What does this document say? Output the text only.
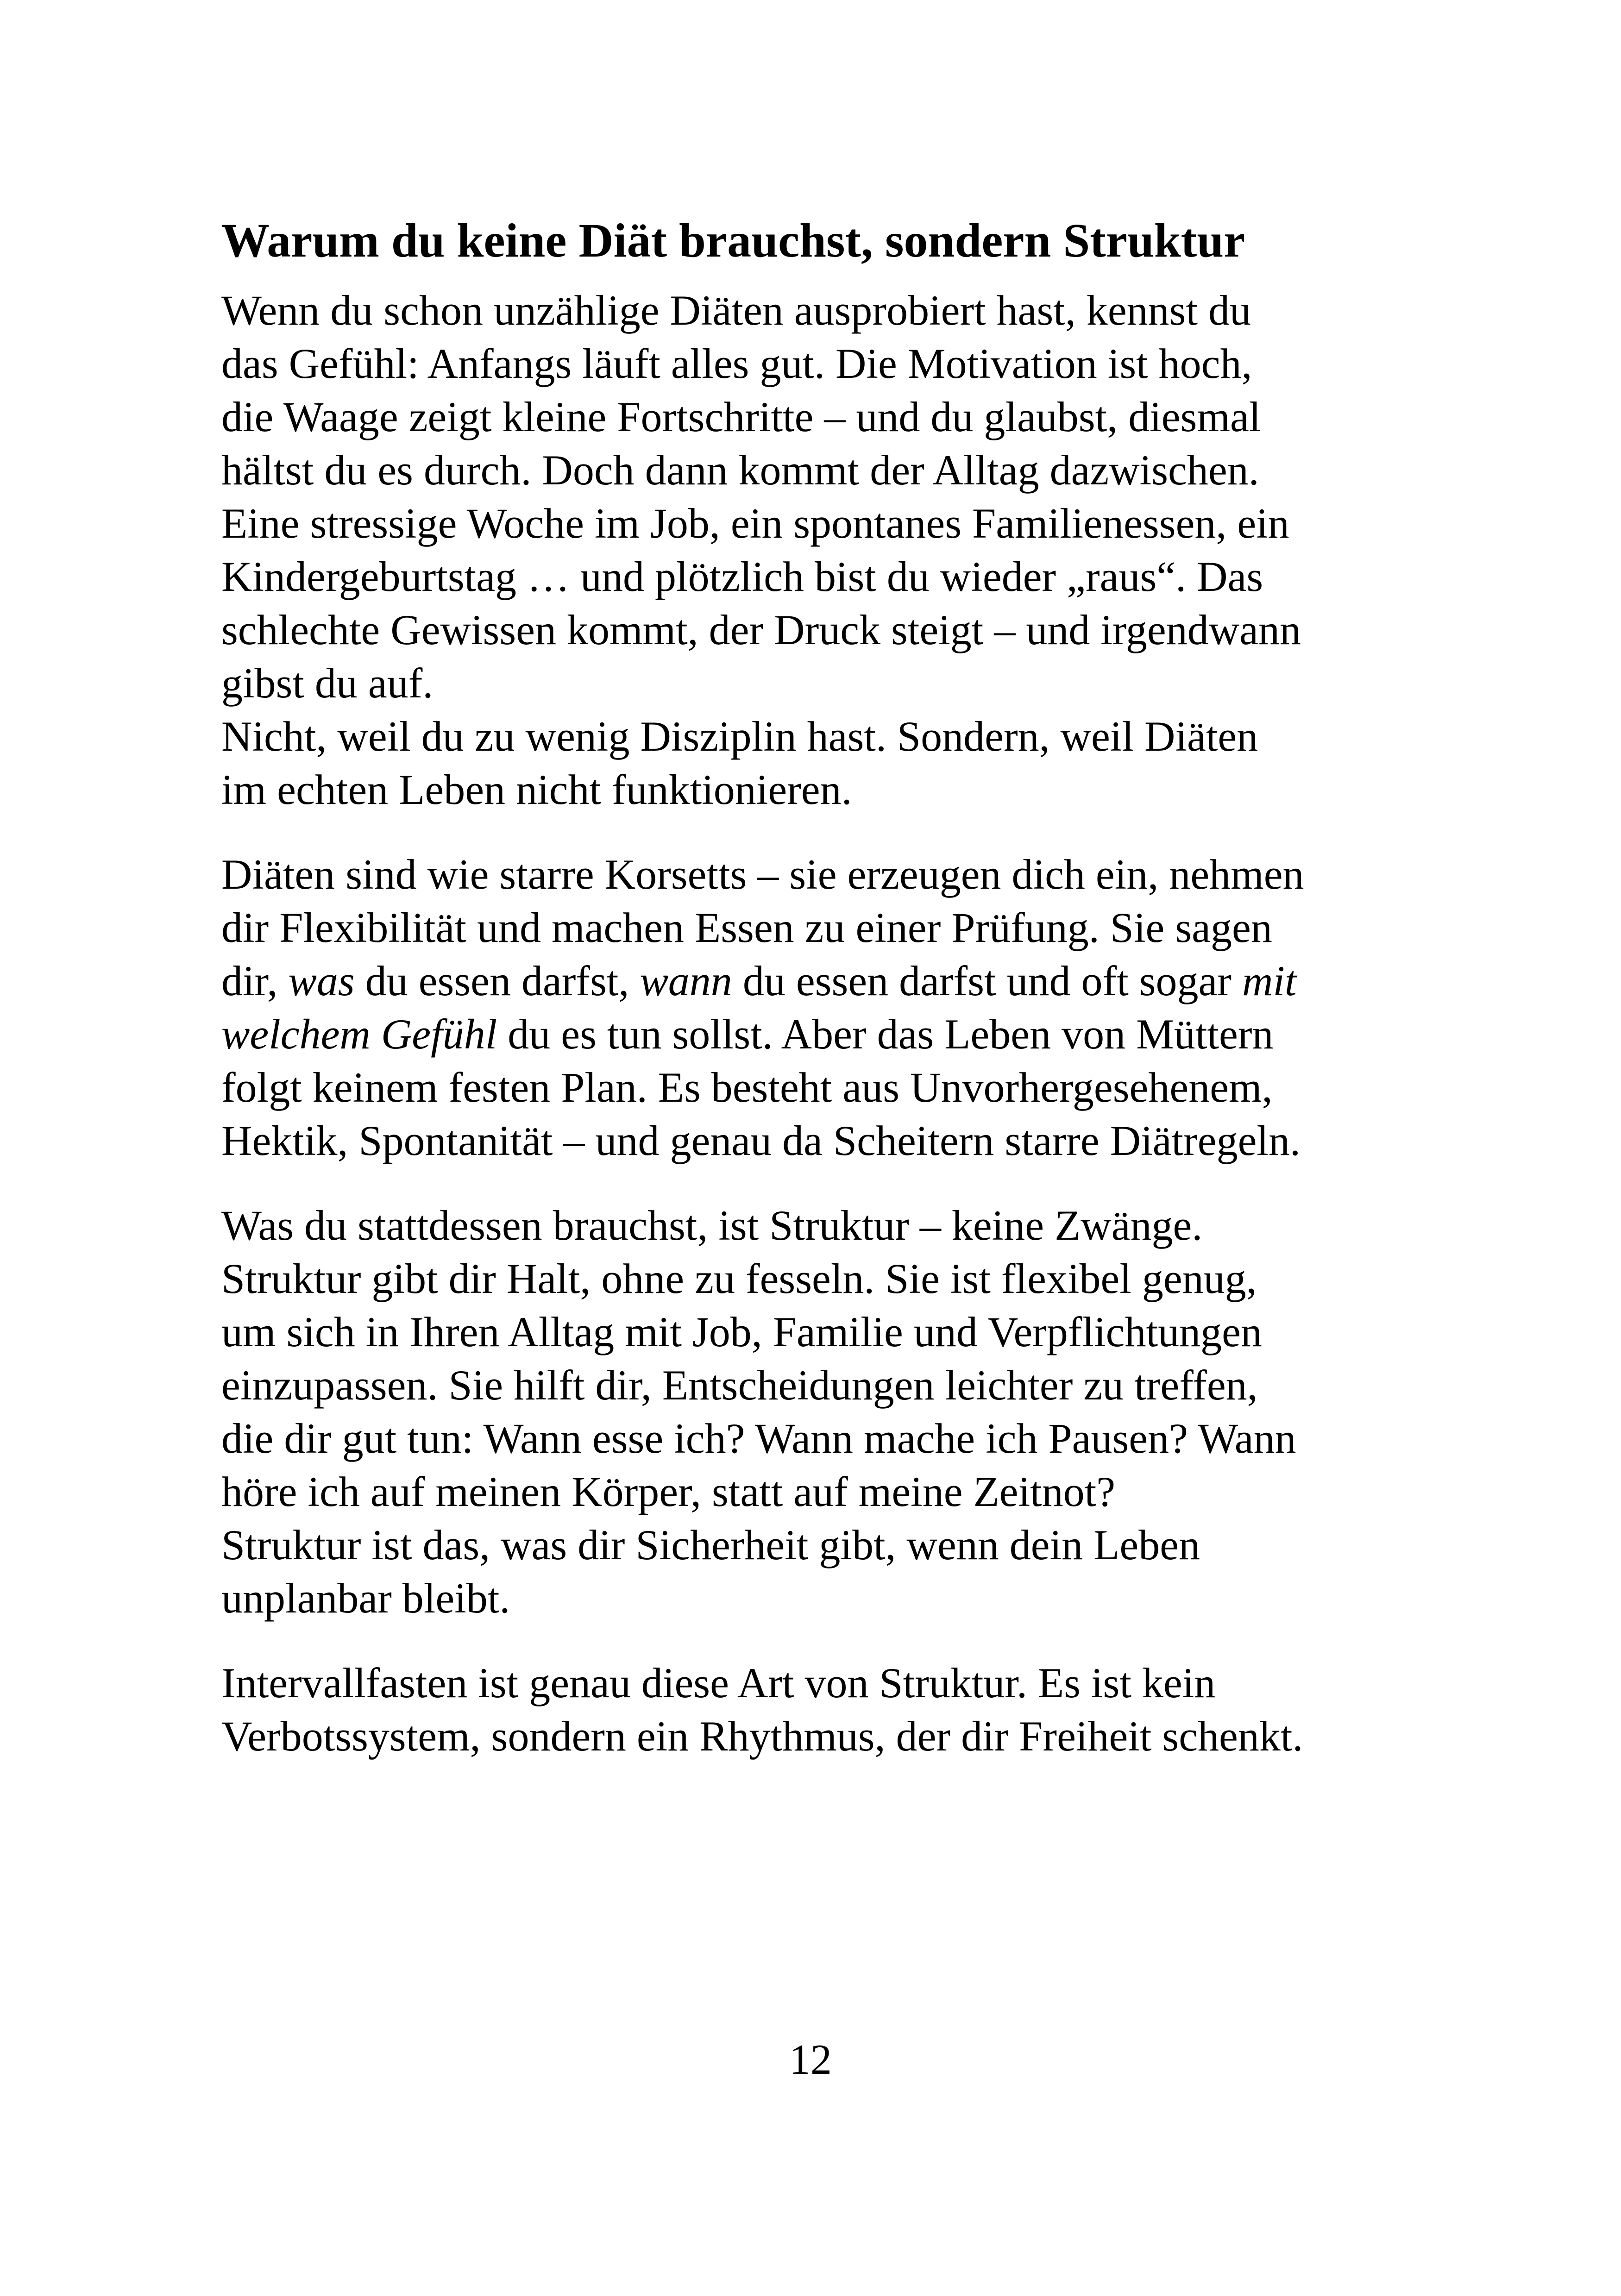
Warum du keine Diät brauchst, sondern Struktur

Wenn du schon unzählige Diäten ausprobiert hast, kennst du
das Gefühl: Anfangs läuft alles gut. Die Motivation ist hoch,
die Waage zeigt kleine Fortschritte – und du glaubst, diesmal
hältst du es durch. Doch dann kommt der Alltag dazwischen.
Eine stressige Woche im Job, ein spontanes Familienessen, ein
Kindergeburtstag … und plötzlich bist du wieder „raus“. Das
schlechte Gewissen kommt, der Druck steigt – und irgendwann
gibst du auf.
Nicht, weil du zu wenig Disziplin hast. Sondern, weil Diäten
im echten Leben nicht funktionieren.

Diäten sind wie starre Korsetts – sie erzeugen dich ein, nehmen
dir Flexibilität und machen Essen zu einer Prüfung. Sie sagen
dir, was du essen darfst, wann du essen darfst und oft sogar mit
welchem Gefühl du es tun sollst. Aber das Leben von Müttern
folgt keinem festen Plan. Es besteht aus Unvorhergesehenem,
Hektik, Spontanität – und genau da Scheitern starre Diätregeln.

Was du stattdessen brauchst, ist Struktur – keine Zwänge.
Struktur gibt dir Halt, ohne zu fesseln. Sie ist flexibel genug,
um sich in Ihren Alltag mit Job, Familie und Verpflichtungen
einzupassen. Sie hilft dir, Entscheidungen leichter zu treffen,
die dir gut tun: Wann esse ich? Wann mache ich Pausen? Wann
höre ich auf meinen Körper, statt auf meine Zeitnot?
Struktur ist das, was dir Sicherheit gibt, wenn dein Leben
unplanbar bleibt.

Intervallfasten ist genau diese Art von Struktur. Es ist kein
Verbotssystem, sondern ein Rhythmus, der dir Freiheit schenkt.

12
